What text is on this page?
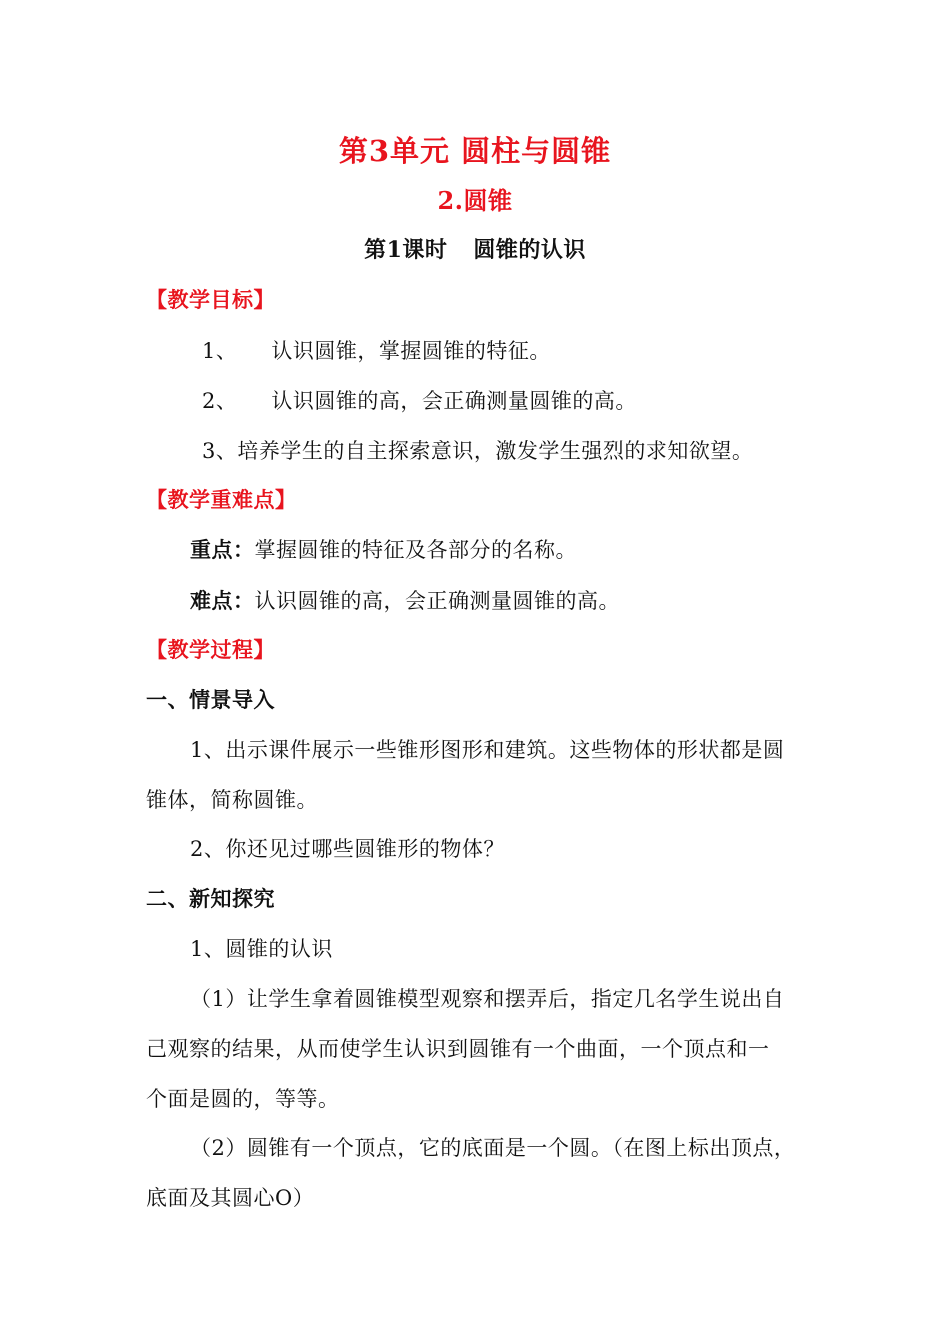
第3单元 圆柱与圆锥
2.圆锥
第1课时 圆锥的认识
【教学目标】
1、 认识圆锥，掌握圆锥的特征。
2、 认识圆锥的高，会正确测量圆锥的高。
3、培养学生的自主探索意识，激发学生强烈的求知欲望。
【教学重难点】
重点：掌握圆锥的特征及各部分的名称。
难点：认识圆锥的高，会正确测量圆锥的高。
【教学过程】
一、情景导入
1、出示课件展示一些锥形图形和建筑。这些物体的形状都是圆
锥体，简称圆锥。
2、你还见过哪些圆锥形的物体？
二、新知探究
1、圆锥的认识
（1）让学生拿着圆锥模型观察和摆弄后，指定几名学生说出自
己观察的结果，从而使学生认识到圆锥有一个曲面，一个顶点和一
个面是圆的，等等。
（2）圆锥有一个顶点，它的底面是一个圆。（在图上标出顶点，
底面及其圆心O）
